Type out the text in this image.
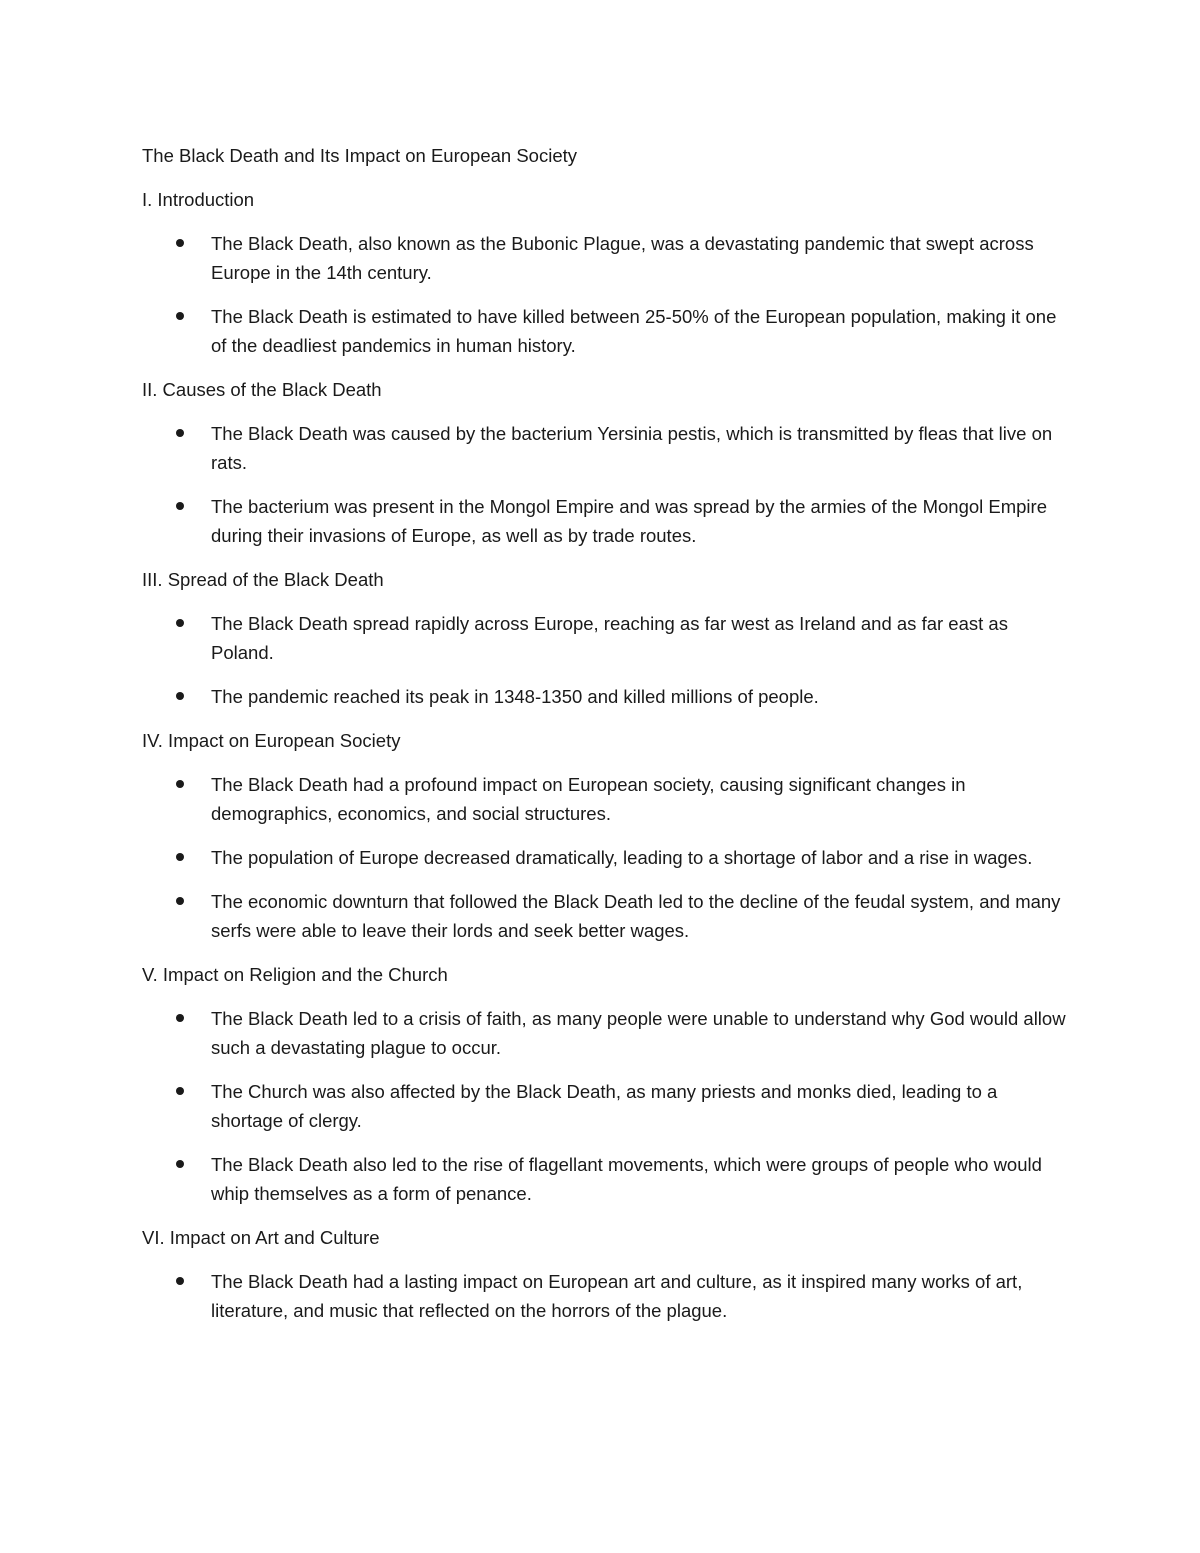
The Black Death and Its Impact on European Society

I. Introduction

The Black Death, also known as the Bubonic Plague, was a devastating pandemic that swept across Europe in the 14th century.
The Black Death is estimated to have killed between 25-50% of the European population, making it one of the deadliest pandemics in human history.

II. Causes of the Black Death

The Black Death was caused by the bacterium Yersinia pestis, which is transmitted by fleas that live on rats.
The bacterium was present in the Mongol Empire and was spread by the armies of the Mongol Empire during their invasions of Europe, as well as by trade routes.

III. Spread of the Black Death

The Black Death spread rapidly across Europe, reaching as far west as Ireland and as far east as Poland.
The pandemic reached its peak in 1348-1350 and killed millions of people.

IV. Impact on European Society

The Black Death had a profound impact on European society, causing significant changes in demographics, economics, and social structures.
The population of Europe decreased dramatically, leading to a shortage of labor and a rise in wages.
The economic downturn that followed the Black Death led to the decline of the feudal system, and many serfs were able to leave their lords and seek better wages.

V. Impact on Religion and the Church

The Black Death led to a crisis of faith, as many people were unable to understand why God would allow such a devastating plague to occur.
The Church was also affected by the Black Death, as many priests and monks died, leading to a shortage of clergy.
The Black Death also led to the rise of flagellant movements, which were groups of people who would whip themselves as a form of penance.

VI. Impact on Art and Culture

The Black Death had a lasting impact on European art and culture, as it inspired many works of art, literature, and music that reflected on the horrors of the plague.
